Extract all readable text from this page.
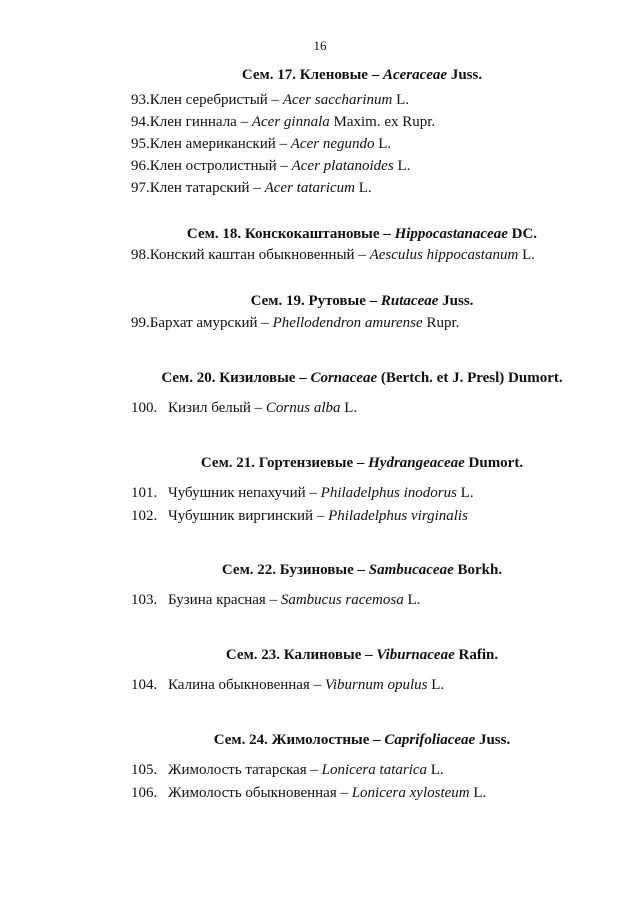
16
Сем. 17. Кленовые – Aceraceae Juss.
93.Клен серебристый – Acer saccharinum L.
94.Клен гиннала – Acer ginnala Maxim. ex Rupr.
95.Клен американский – Acer negundo L.
96.Клен остролистный – Acer platanoides L.
97.Клен татарский – Acer tataricum L.
Сем. 18. Конскокаштановые – Hippocastanaceae DC.
98.Конский каштан обыкновенный – Aesculus hippocastanum L.
Сем. 19. Рутовые – Rutaceae Juss.
99.Бархат амурский – Phellodendron amurense Rupr.
Сем. 20. Кизиловые – Cornaceae (Bertch. et J. Presl) Dumort.
100. Кизил белый – Cornus alba L.
Сем. 21. Гортензиевые – Hydrangeaceae Dumort.
101. Чубушник непахучий – Philadelphus inodorus L.
102. Чубушник виргинский – Philadelphus virginalis
Сем. 22. Бузиновые – Sambucaceae Borkh.
103. Бузина красная – Sambucus racemosa L.
Сем. 23. Калиновые – Viburnaceae Rafin.
104. Калина обыкновенная – Viburnum opulus L.
Сем. 24. Жимолостные – Caprifoliaceae Juss.
105. Жимолость татарская – Lonicera tatarica L.
106. Жимолость обыкновенная – Lonicera xylosteum L.
